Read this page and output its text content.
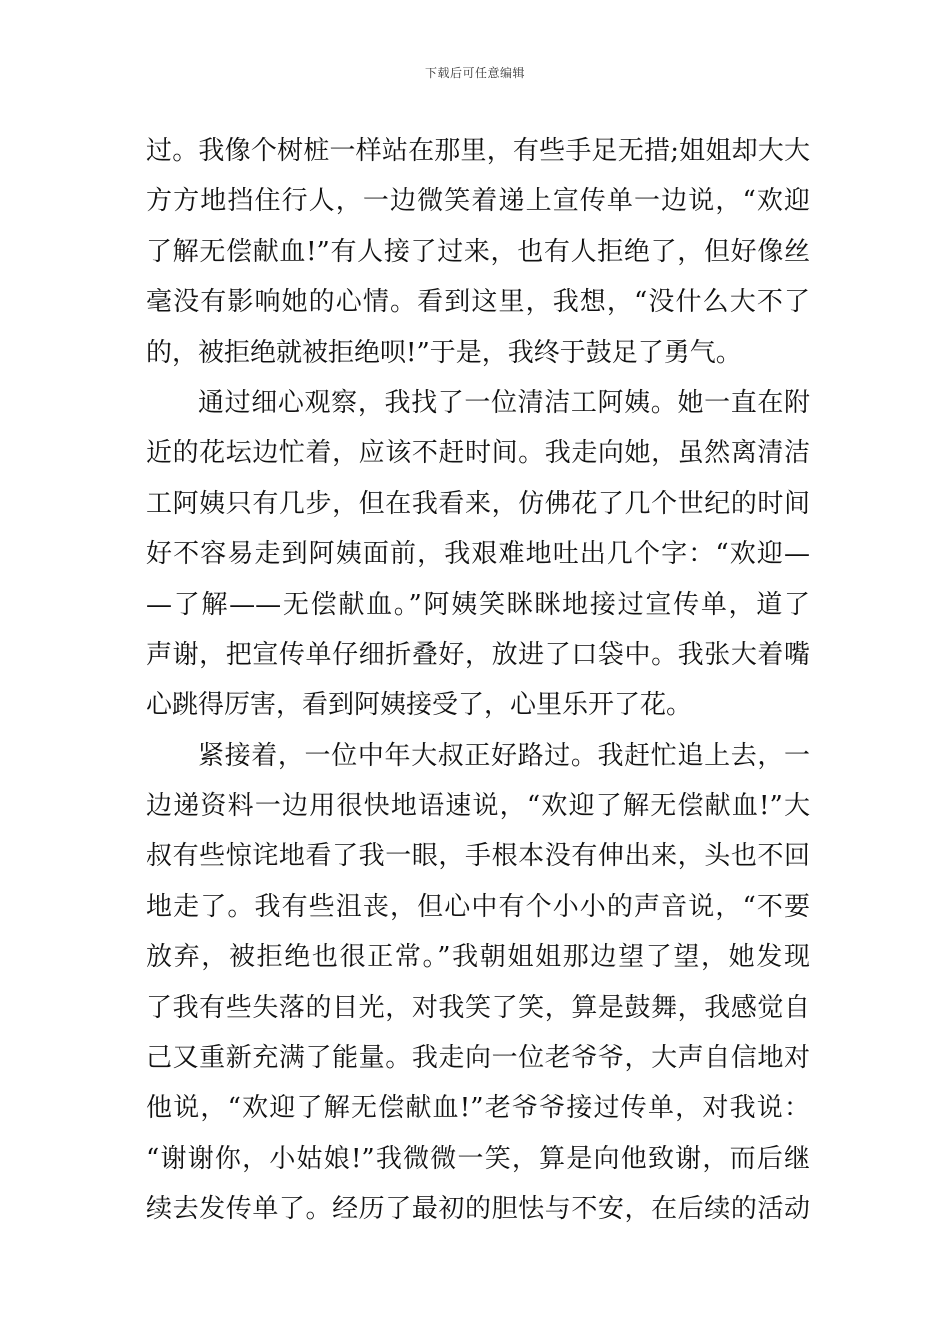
下载后可任意编辑
过。我像个树桩一样站在那里，有些手足无措;姐姐却大大
方方地挡住行人，一边微笑着递上宣传单一边说，“欢迎
了解无偿献血!”有人接了过来，也有人拒绝了，但好像丝
毫没有影响她的心情。看到这里，我想，“没什么大不了
的，被拒绝就被拒绝呗!”于是，我终于鼓足了勇气。
通过细心观察，我找了一位清洁工阿姨。她一直在附
近的花坛边忙着，应该不赶时间。我走向她，虽然离清洁
工阿姨只有几步，但在我看来，仿佛花了几个世纪的时间
好不容易走到阿姨面前，我艰难地吐出几个字：“欢迎—
—了解——无偿献血。”阿姨笑眯眯地接过宣传单，道了
声谢，把宣传单仔细折叠好，放进了口袋中。我张大着嘴
心跳得厉害，看到阿姨接受了，心里乐开了花。
紧接着，一位中年大叔正好路过。我赶忙追上去，一
边递资料一边用很快地语速说，“欢迎了解无偿献血!”大
叔有些惊诧地看了我一眼，手根本没有伸出来，头也不回
地走了。我有些沮丧，但心中有个小小的声音说，“不要
放弃，被拒绝也很正常。”我朝姐姐那边望了望，她发现
了我有些失落的目光，对我笑了笑，算是鼓舞，我感觉自
己又重新充满了能量。我走向一位老爷爷，大声自信地对
他说，“欢迎了解无偿献血!”老爷爷接过传单，对我说：
“谢谢你，小姑娘!”我微微一笑，算是向他致谢，而后继
续去发传单了。经历了最初的胆怯与不安，在后续的活动
